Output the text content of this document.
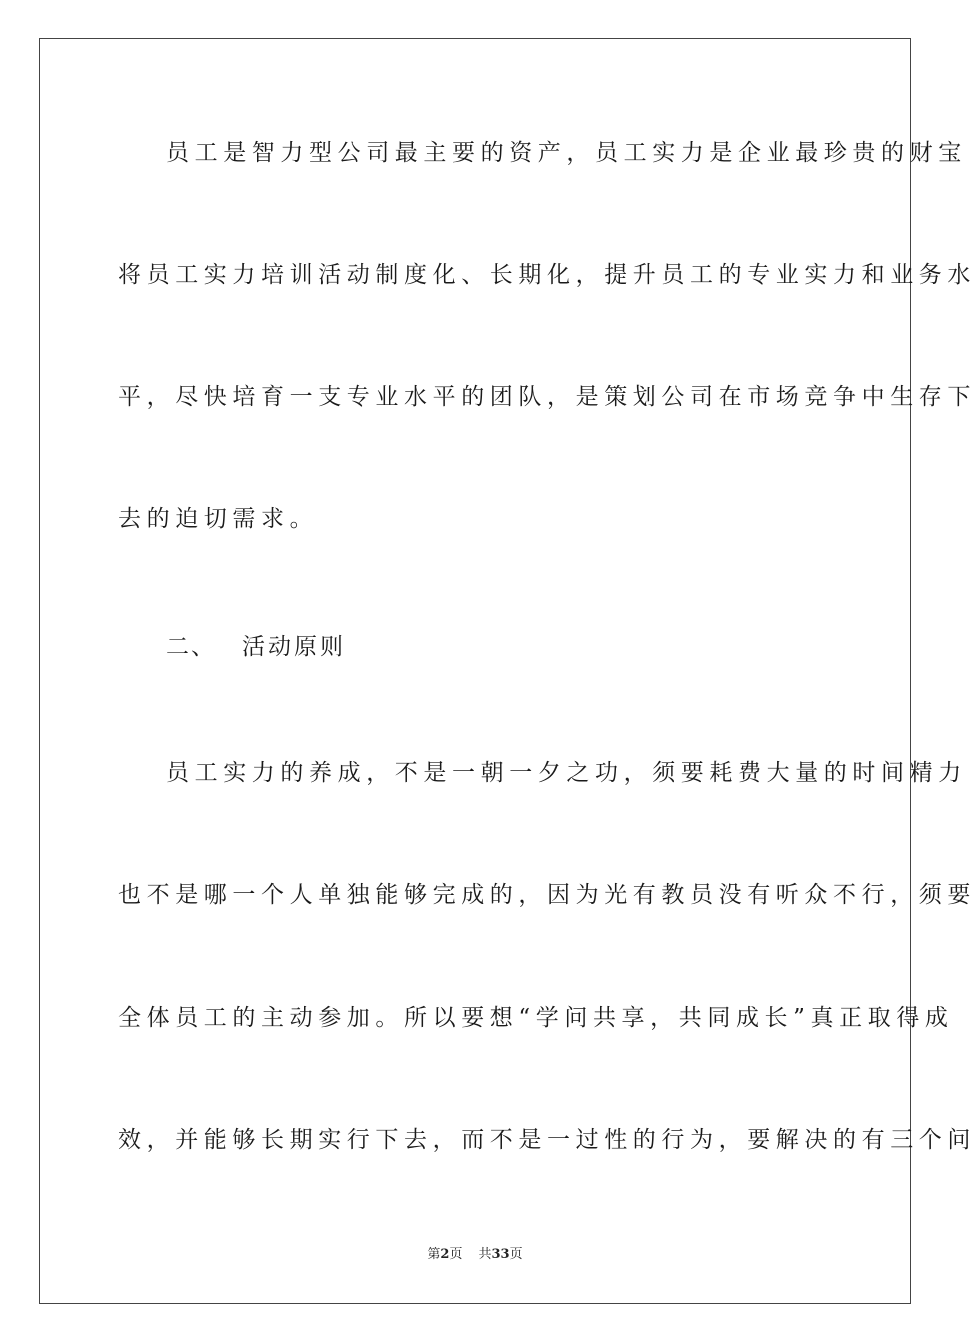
员工是智力型公司最主要的资产，员工实力是企业最珍贵的财宝
将员工实力培训活动制度化、长期化，提升员工的专业实力和业务水
平，尽快培育一支专业水平的团队，是策划公司在市场竞争中生存下
去的迫切需求。
二、 活动原则
员工实力的养成，不是一朝一夕之功，须要耗费大量的时间精力
也不是哪一个人单独能够完成的，因为光有教员没有听众不行，须要
全体员工的主动参加。所以要想“学问共享，共同成长”真正取得成
效，并能够长期实行下去，而不是一过性的行为，要解决的有三个问
第2页 共33页
